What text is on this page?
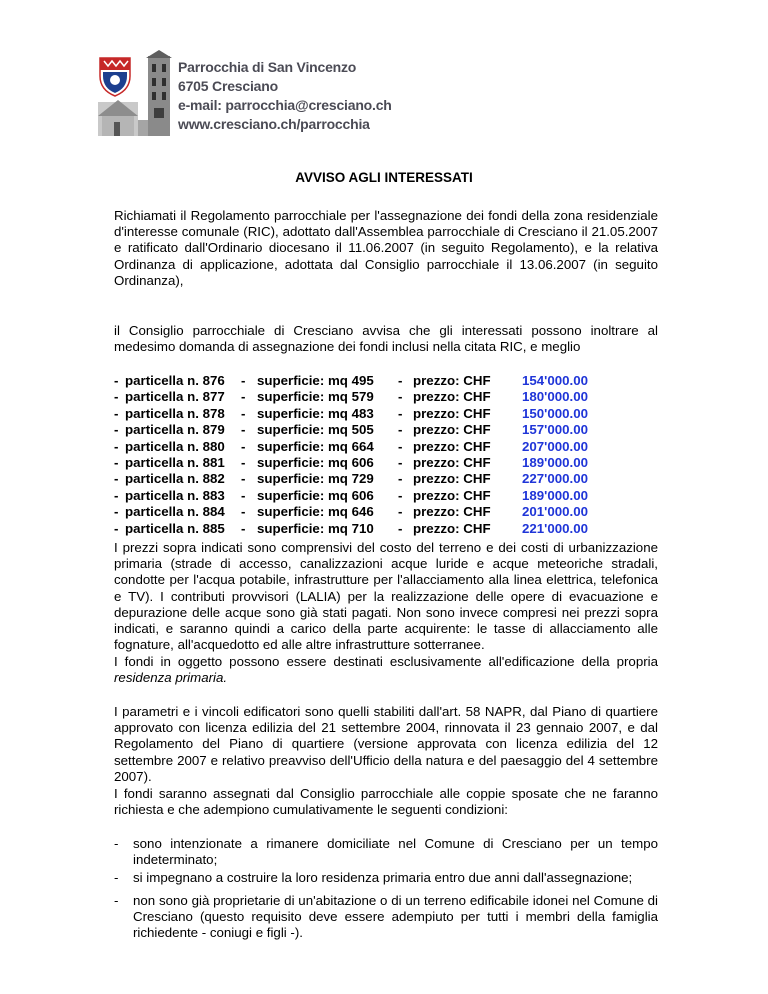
Parrocchia di San Vincenzo
6705 Cresciano
e-mail: parrocchia@cresciano.ch
www.cresciano.ch/parrocchia
AVVISO AGLI INTERESSATI
Richiamati il Regolamento parrocchiale per l'assegnazione dei fondi della zona residenziale d'interesse comunale (RIC), adottato dall'Assemblea parrocchiale di Cresciano il 21.05.2007 e ratificato dall'Ordinario diocesano il 11.06.2007 (in seguito Regolamento), e la relativa Ordinanza di applicazione, adottata dal Consiglio parrocchiale il 13.06.2007 (in seguito Ordinanza),
il Consiglio parrocchiale di Cresciano avvisa che gli interessati possono inoltrare al medesimo domanda di assegnazione dei fondi inclusi nella citata RIC, e meglio
- particella n. 876 - superficie: mq 495 - prezzo: CHF 154'000.00
- particella n. 877 - superficie: mq 579 - prezzo: CHF 180'000.00
- particella n. 878 - superficie: mq 483 - prezzo: CHF 150'000.00
- particella n. 879 - superficie: mq 505 - prezzo: CHF 157'000.00
- particella n. 880 - superficie: mq 664 - prezzo: CHF 207'000.00
- particella n. 881 - superficie: mq 606 - prezzo: CHF 189'000.00
- particella n. 882 - superficie: mq 729 - prezzo: CHF 227'000.00
- particella n. 883 - superficie: mq 606 - prezzo: CHF 189'000.00
- particella n. 884 - superficie: mq 646 - prezzo: CHF 201'000.00
- particella n. 885 - superficie: mq 710 - prezzo: CHF 221'000.00
I prezzi sopra indicati sono comprensivi del costo del terreno e dei costi di urbanizzazione primaria (strade di accesso, canalizzazioni acque luride e acque meteoriche stradali, condotte per l'acqua potabile, infrastrutture per l'allacciamento alla linea elettrica, telefonica e TV). I contributi provvisori (LALIA) per la realizzazione delle opere di evacuazione e depurazione delle acque sono già stati pagati. Non sono invece compresi nei prezzi sopra indicati, e saranno quindi a carico della parte acquirente: le tasse di allacciamento alle fognature, all'acquedotto ed alle altre infrastrutture sotterranee.
I fondi in oggetto possono essere destinati esclusivamente all'edificazione della propria residenza primaria.
I parametri e i vincoli edificatori sono quelli stabiliti dall'art. 58 NAPR, dal Piano di quartiere approvato con licenza edilizia del 21 settembre 2004, rinnovata il 23 gennaio 2007, e dal Regolamento del Piano di quartiere (versione approvata con licenza edilizia del 12 settembre 2007 e relativo preavviso dell'Ufficio della natura e del paesaggio del 4 settembre 2007).
I fondi saranno assegnati dal Consiglio parrocchiale alle coppie sposate che ne faranno richiesta e che adempiono cumulativamente le seguenti condizioni:
- sono intenzionate a rimanere domiciliate nel Comune di Cresciano per un tempo indeterminato;
- si impegnano a costruire la loro residenza primaria entro due anni dall'assegnazione;
- non sono già proprietarie di un'abitazione o di un terreno edificabile idonei nel Comune di Cresciano (questo requisito deve essere adempiuto per tutti i membri della famiglia richiedente - coniugi e figli -).
